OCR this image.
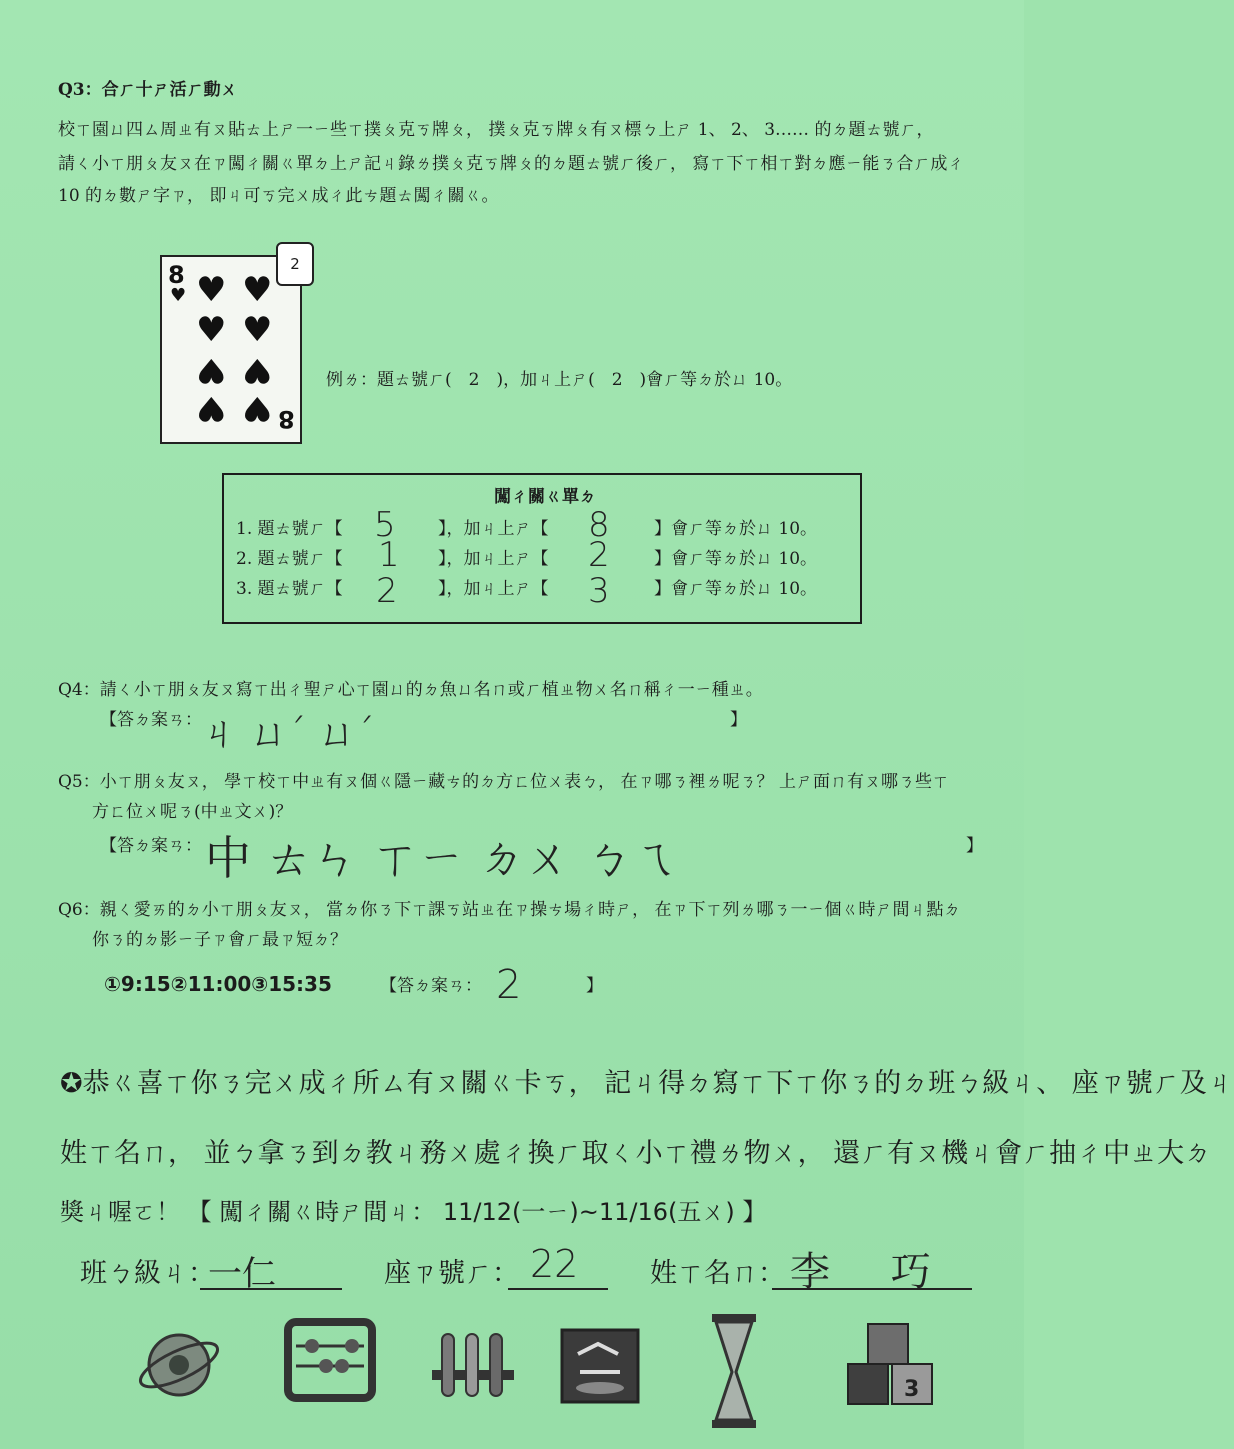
Q3：合ㄏ十ㄕ活ㄏ動ㄨ
校ㄒ園ㄩ四ㄙ周ㄓ有ㄡ貼ㄊ上ㄕ一ㄧ些ㄒ撲ㄆ克ㄎ牌ㄆ， 撲ㄆ克ㄎ牌ㄆ有ㄡ標ㄅ上ㄕ 1、 2、 3…… 的ㄉ題ㄊ號ㄏ，
請ㄑ小ㄒ朋ㄆ友ㄡ在ㄗ闖ㄔ關ㄍ單ㄉ上ㄕ記ㄐ錄ㄌ撲ㄆ克ㄎ牌ㄆ的ㄉ題ㄊ號ㄏ後ㄏ， 寫ㄒ下ㄒ相ㄒ對ㄉ應ㄧ能ㄋ合ㄏ成ㄔ
10 的ㄉ數ㄕ字ㄗ， 即ㄐ可ㄎ完ㄨ成ㄔ此ㄘ題ㄊ闖ㄔ關ㄍ。
8
♥ ♥ ♥
♥ ♥
♥ ♥
♥ ♥ 8
2
例ㄌ：題ㄊ號ㄏ(　2　)，加ㄐ上ㄕ(　2　)會ㄏ等ㄉ於ㄩ 10。
闖ㄔ關ㄍ單ㄉ
1. 題ㄊ號ㄏ【 5 】，加ㄐ上ㄕ【 8	】會ㄏ等ㄉ於ㄩ 10。
2. 題ㄊ號ㄏ【 1 】，加ㄐ上ㄕ【 2	】會ㄏ等ㄉ於ㄩ 10。
3. 題ㄊ號ㄏ【 2 】，加ㄐ上ㄕ【 3	】會ㄏ等ㄉ於ㄩ 10。
Q4：請ㄑ小ㄒ朋ㄆ友ㄡ寫ㄒ出ㄔ聖ㄕ心ㄒ園ㄩ的ㄉ魚ㄩ名ㄇ或ㄏ植ㄓ物ㄨ名ㄇ稱ㄔ一ㄧ種ㄓ。
【答ㄉ案ㄢ：
ㄐ ㄩˊ ㄩˊ	】
Q5：小ㄒ朋ㄆ友ㄡ， 學ㄒ校ㄒ中ㄓ有ㄡ個ㄍ隱ㄧ藏ㄘ的ㄉ方ㄈ位ㄨ表ㄅ， 在ㄗ哪ㄋ裡ㄌ呢ㄋ？ 上ㄕ面ㄇ有ㄡ哪ㄋ些ㄒ
方ㄈ位ㄨ呢ㄋ(中ㄓ文ㄨ)？
【答ㄉ案ㄢ： 中 ㄊㄣ ㄒㄧ ㄉㄨ ㄅㄟ	】
Q6：親ㄑ愛ㄞ的ㄉ小ㄒ朋ㄆ友ㄡ， 當ㄉ你ㄋ下ㄒ課ㄎ站ㄓ在ㄗ操ㄘ場ㄔ時ㄕ， 在ㄗ下ㄒ列ㄌ哪ㄋ一ㄧ個ㄍ時ㄕ間ㄐ點ㄉ
你ㄋ的ㄉ影ㄧ子ㄗ會ㄏ最ㄗ短ㄉ？
①9:15②11:00③15:35	【答ㄉ案ㄢ： 2	】
✪恭ㄍ喜ㄒ你ㄋ完ㄨ成ㄔ所ㄙ有ㄡ關ㄍ卡ㄎ， 記ㄐ得ㄉ寫ㄒ下ㄒ你ㄋ的ㄉ班ㄅ級ㄐ、 座ㄗ號ㄏ及ㄐ
姓ㄒ名ㄇ， 並ㄅ拿ㄋ到ㄉ教ㄐ務ㄨ處ㄔ換ㄏ取ㄑ小ㄒ禮ㄌ物ㄨ， 還ㄏ有ㄡ機ㄐ會ㄏ抽ㄔ中ㄓ大ㄉ
獎ㄐ喔ㄛ！ 【 闖ㄔ關ㄍ時ㄕ間ㄐ： 11/12(一ㄧ)~11/16(五ㄨ) 】
班ㄅ級ㄐ：
一仁	座ㄗ號ㄏ： 22	姓ㄒ名ㄇ： 李 巧
3
